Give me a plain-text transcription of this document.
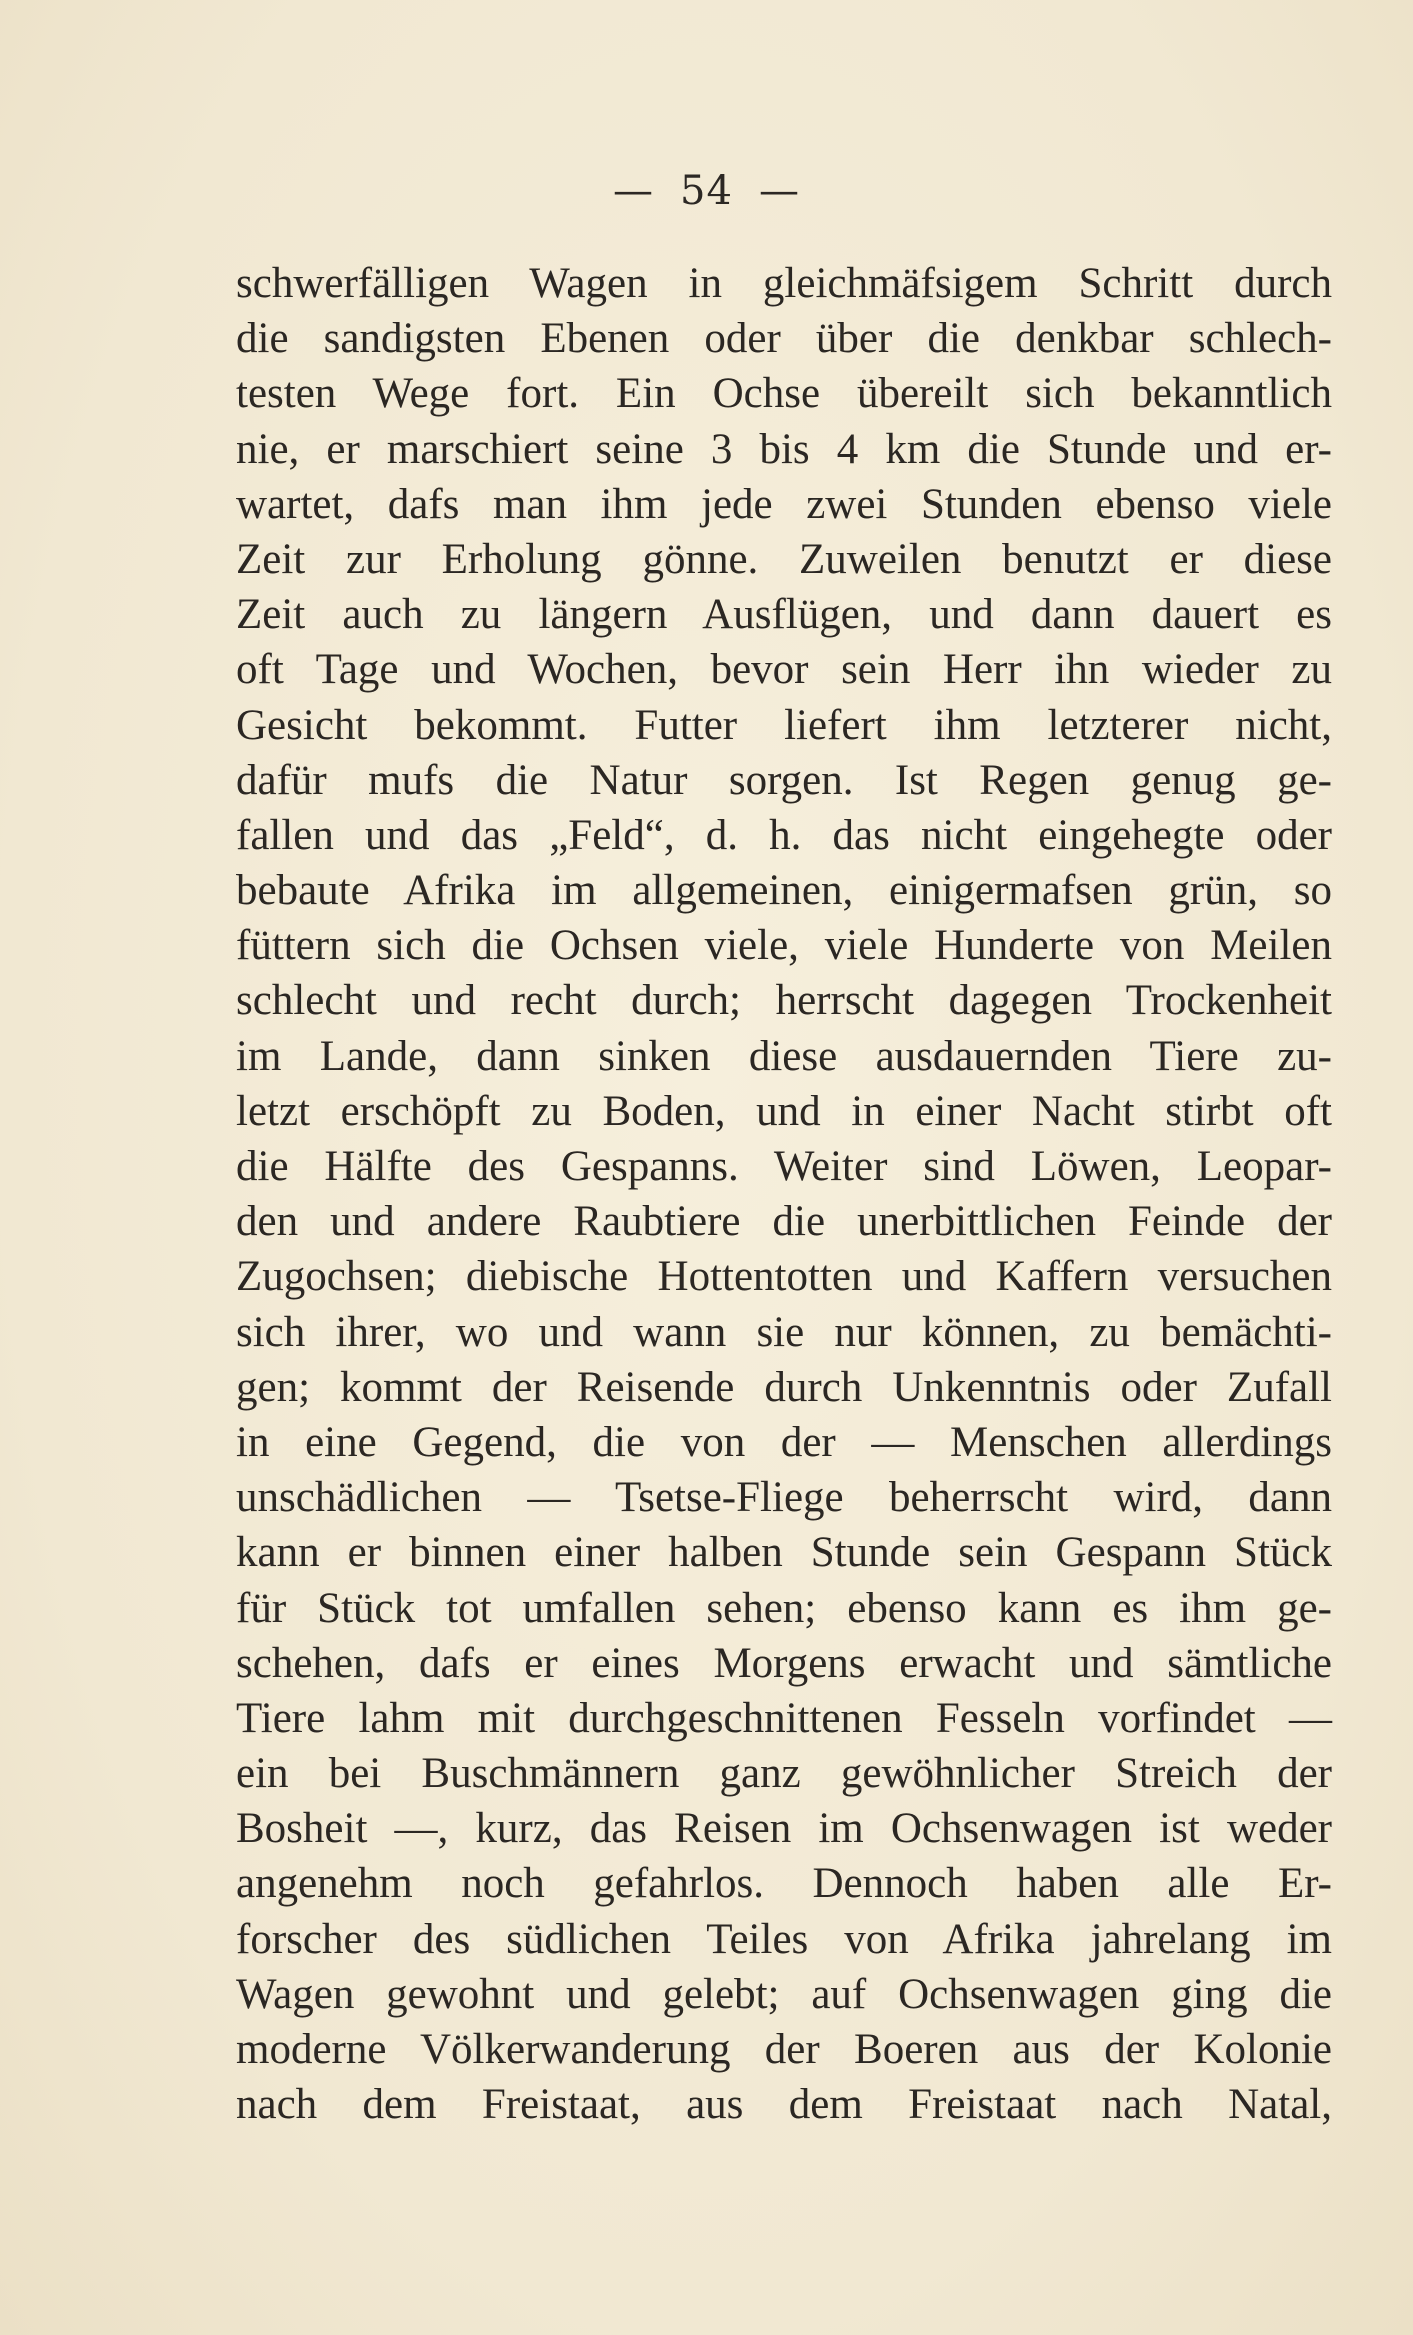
— 54 —
schwerfälligen Wagen in gleichmäfsigem Schritt durch
die sandigsten Ebenen oder über die denkbar schlech-
testen Wege fort. Ein Ochse übereilt sich bekanntlich
nie, er marschiert seine 3 bis 4 km die Stunde und er-
wartet, dafs man ihm jede zwei Stunden ebenso viele
Zeit zur Erholung gönne. Zuweilen benutzt er diese
Zeit auch zu längern Ausflügen, und dann dauert es
oft Tage und Wochen, bevor sein Herr ihn wieder zu
Gesicht bekommt. Futter liefert ihm letzterer nicht,
dafür mufs die Natur sorgen. Ist Regen genug ge-
fallen und das „Feld“, d. h. das nicht eingehegte oder
bebaute Afrika im allgemeinen, einigermafsen grün, so
füttern sich die Ochsen viele, viele Hunderte von Meilen
schlecht und recht durch; herrscht dagegen Trockenheit
im Lande, dann sinken diese ausdauernden Tiere zu-
letzt erschöpft zu Boden, und in einer Nacht stirbt oft
die Hälfte des Gespanns. Weiter sind Löwen, Leopar-
den und andere Raubtiere die unerbittlichen Feinde der
Zugochsen; diebische Hottentotten und Kaffern versuchen
sich ihrer, wo und wann sie nur können, zu bemächti-
gen; kommt der Reisende durch Unkenntnis oder Zufall
in eine Gegend, die von der — Menschen allerdings
unschädlichen — Tsetse-Fliege beherrscht wird, dann
kann er binnen einer halben Stunde sein Gespann Stück
für Stück tot umfallen sehen; ebenso kann es ihm ge-
schehen, dafs er eines Morgens erwacht und sämtliche
Tiere lahm mit durchgeschnittenen Fesseln vorfindet —
ein bei Buschmännern ganz gewöhnlicher Streich der
Bosheit —, kurz, das Reisen im Ochsenwagen ist weder
angenehm noch gefahrlos. Dennoch haben alle Er-
forscher des südlichen Teiles von Afrika jahrelang im
Wagen gewohnt und gelebt; auf Ochsenwagen ging die
moderne Völkerwanderung der Boeren aus der Kolonie
nach dem Freistaat, aus dem Freistaat nach Natal,
